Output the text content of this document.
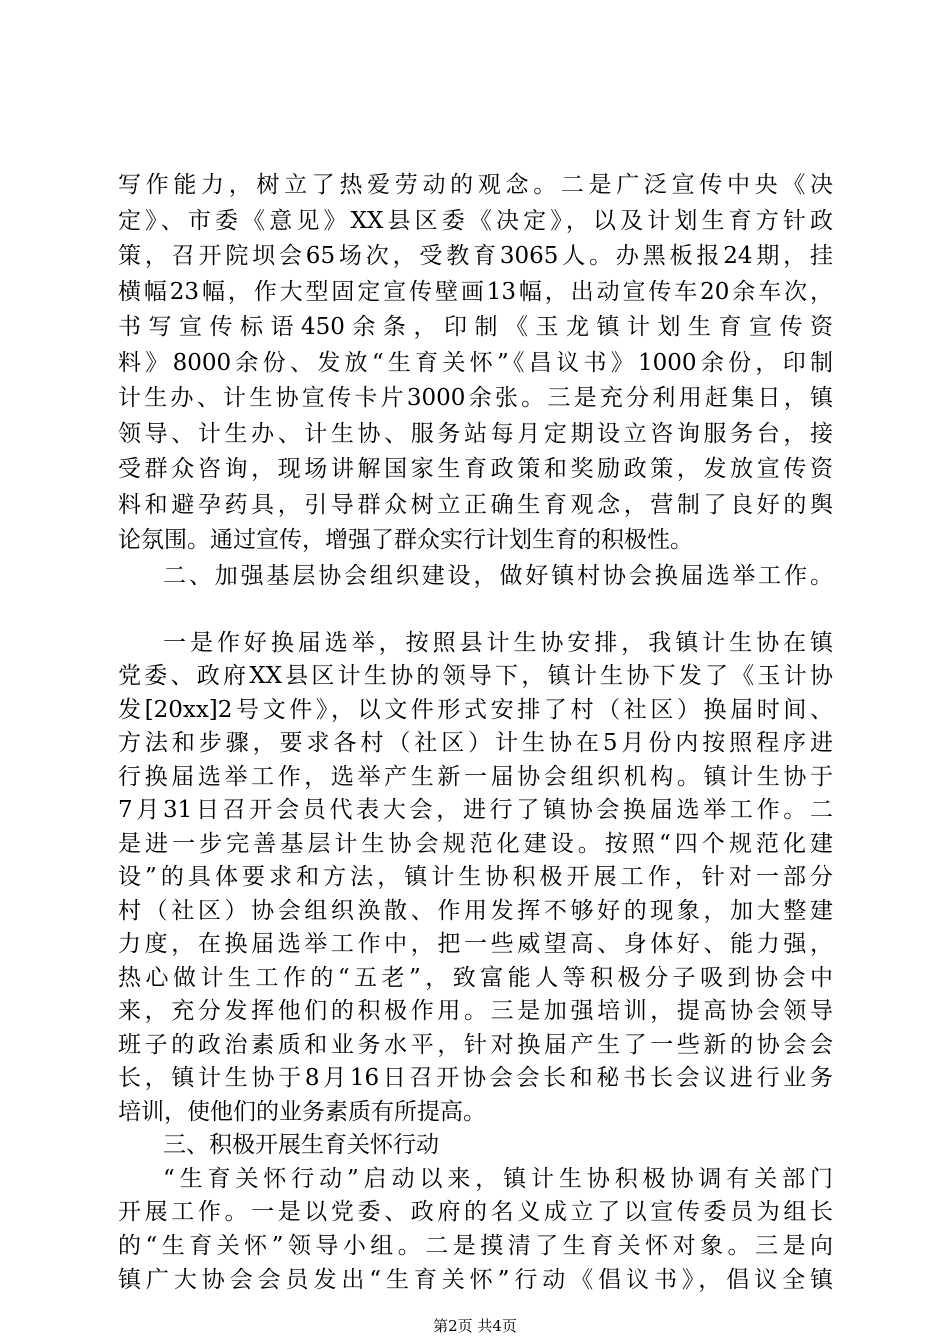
写作能力，树立了热爱劳动的观念。二是广泛宣传中央《决
定》、市委《意见》XX县区委《决定》，以及计划生育方针政
策，召开院坝会65场次，受教育3065人。办黑板报24期，挂
横幅23幅，作大型固定宣传壁画13幅，出动宣传车20余车次，
书写宣传标语450余条，印制《玉龙镇计划生育宣传资
料》8000余份、发放“生育关怀”《昌议书》1000余份，印制
计生办、计生协宣传卡片3000余张。三是充分利用赶集日，镇
领导、计生办、计生协、服务站每月定期设立咨询服务台，接
受群众咨询，现场讲解国家生育政策和奖励政策，发放宣传资
料和避孕药具，引导群众树立正确生育观念，营制了良好的舆
论氛围。通过宣传，增强了群众实行计划生育的积极性。
二、加强基层协会组织建设，做好镇村协会换届选举工作。
一是作好换届选举，按照县计生协安排，我镇计生协在镇
党委、政府XX县区计生协的领导下，镇计生协下发了《玉计协
发[20xx]2号文件》，以文件形式安排了村（社区）换届时间、
方法和步骤，要求各村（社区）计生协在5月份内按照程序进
行换届选举工作，选举产生新一届协会组织机构。镇计生协于
7月31日召开会员代表大会，进行了镇协会换届选举工作。二
是进一步完善基层计生协会规范化建设。按照“四个规范化建
设”的具体要求和方法，镇计生协积极开展工作，针对一部分
村（社区）协会组织涣散、作用发挥不够好的现象，加大整建
力度，在换届选举工作中，把一些威望高、身体好、能力强，
热心做计生工作的“五老”，致富能人等积极分子吸到协会中
来，充分发挥他们的积极作用。三是加强培训，提高协会领导
班子的政治素质和业务水平，针对换届产生了一些新的协会会
长，镇计生协于8月16日召开协会会长和秘书长会议进行业务
培训，使他们的业务素质有所提高。
三、积极开展生育关怀行动
“生育关怀行动”启动以来，镇计生协积极协调有关部门
开展工作。一是以党委、政府的名义成立了以宣传委员为组长
的“生育关怀”领导小组。二是摸清了生育关怀对象。三是向
镇广大协会会员发出“生育关怀”行动《倡议书》，倡议全镇
第2页 共4页
